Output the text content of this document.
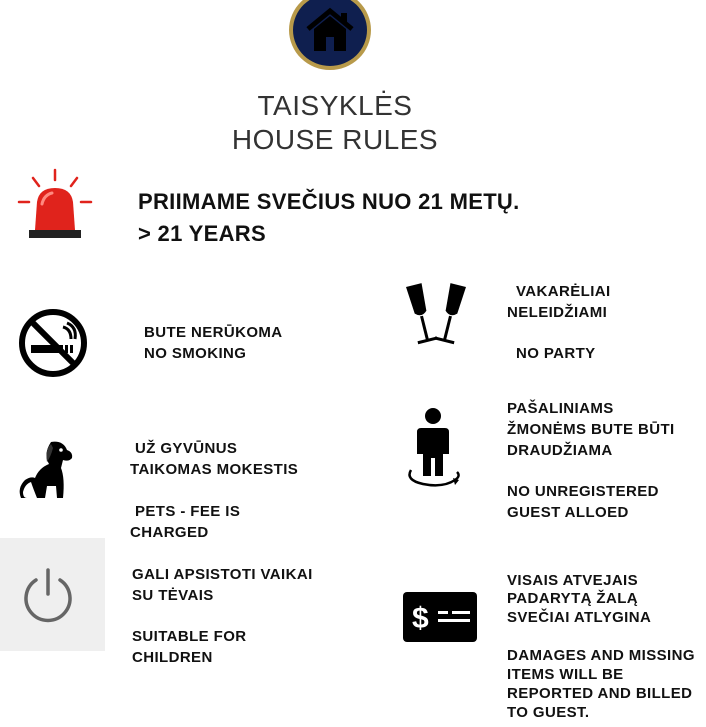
TAISYKLĖS
HOUSE RULES
PRIIMAME SVEČIUS NUO 21 METŲ.
> 21 YEARS
BUTE NERŪKOMA
NO SMOKING
VAKARĖLIAI
NELEIDŽIAMI
NO PARTY
UŽ GYVŪNUS
TAIKOMAS MOKESTIS
PETS - FEE IS
CHARGED
PAŠALINIAMS
ŽMONĖMS BUTE BŪTI
DRAUDŽIAMA
NO UNREGISTERED
GUEST ALLOED
GALI APSISTOTI VAIKAI
SU TĖVAIS
SUITABLE FOR
CHILDREN
$
VISAIS ATVEJAIS
PADARYTĄ ŽALĄ
SVEČIAI ATLYGINA
DAMAGES AND MISSING
ITEMS WILL BE
REPORTED AND BILLED
TO GUEST.
